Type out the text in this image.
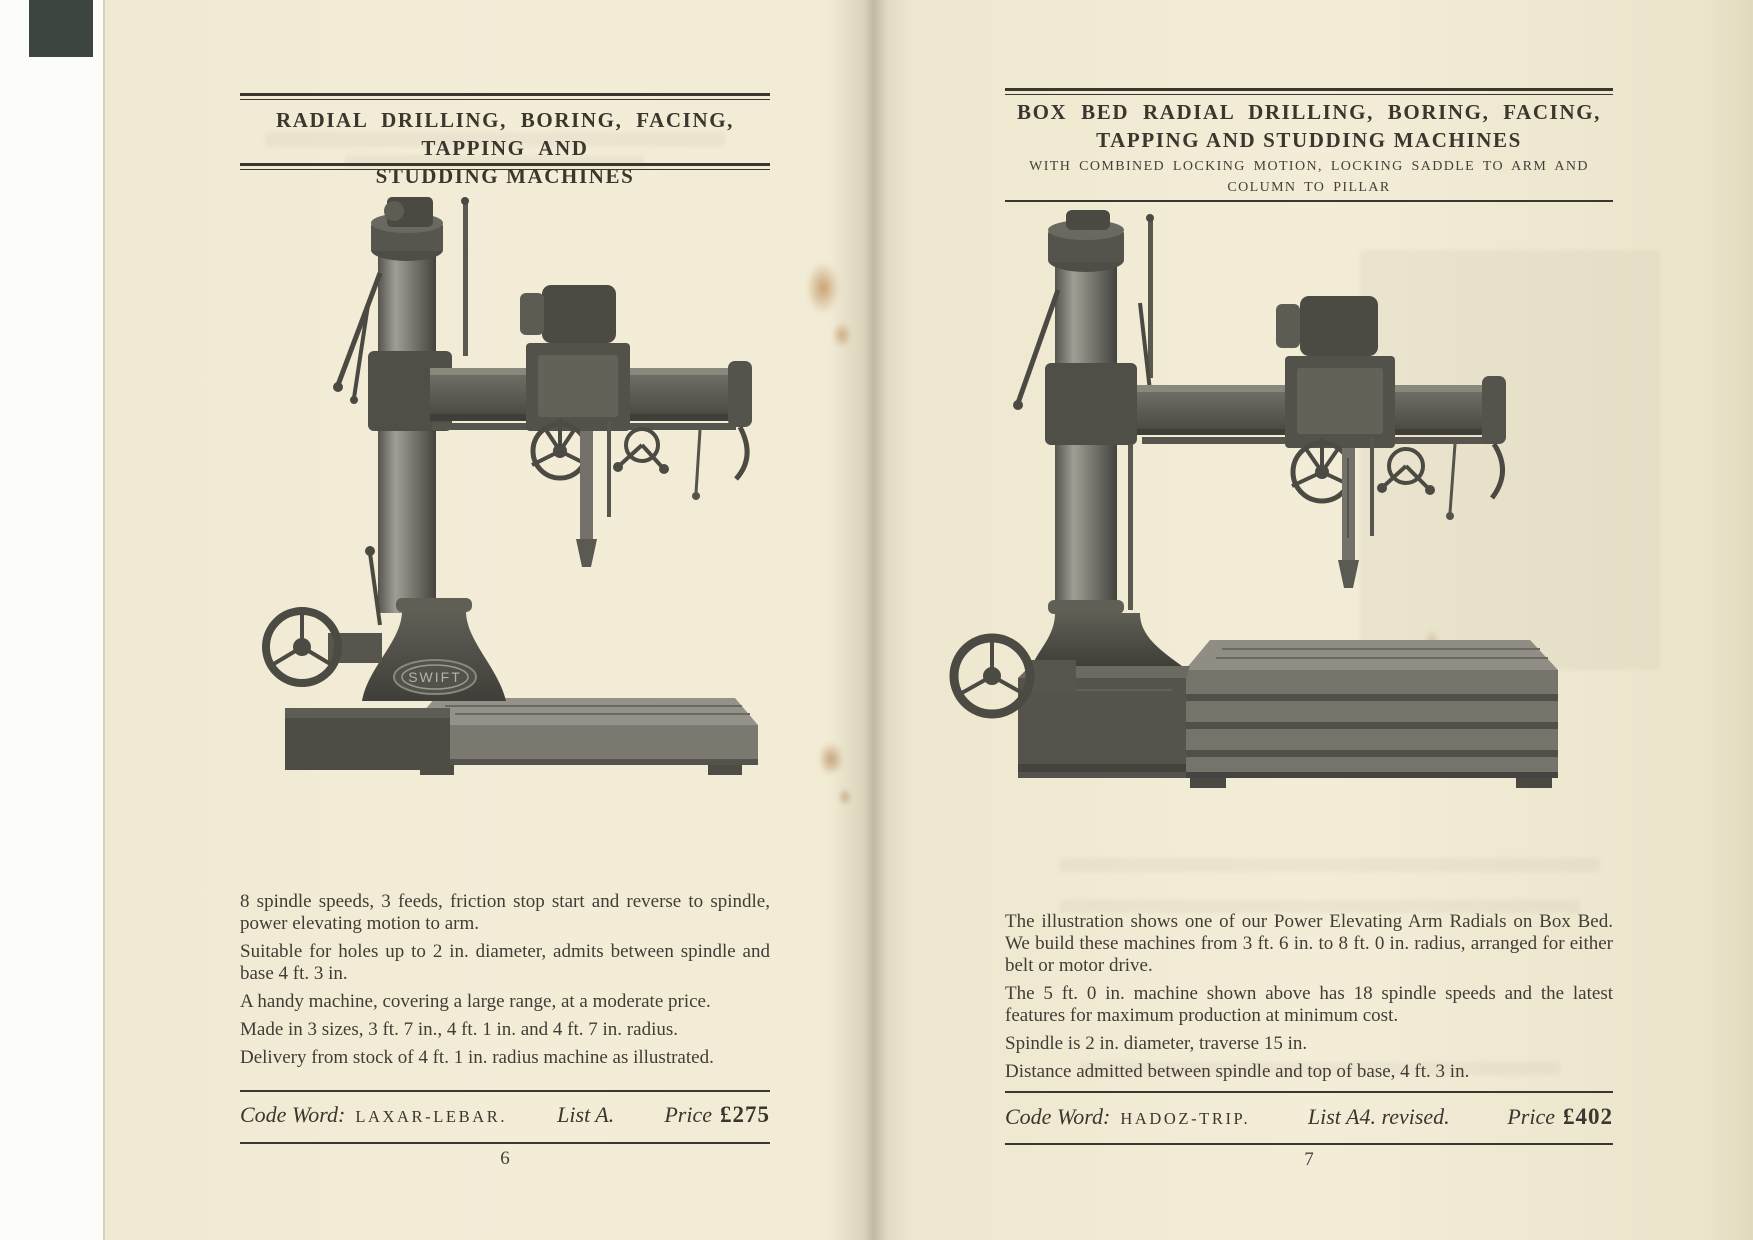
RADIAL DRILLING, BORING, FACING, TAPPING AND
STUDDING MACHINES
SWIFT

8 spindle speeds, 3 feeds, friction stop start and reverse to spindle, power elevating motion to arm.

Suitable for holes up to 2 in. diameter, admits between spindle and base 4 ft. 3 in.

A handy machine, covering a large range, at a moderate price.

Made in 3 sizes, 3 ft. 7 in., 4 ft. 1 in. and 4 ft. 7 in. radius.

Delivery from stock of 4 ft. 1 in. radius machine as illustrated.

Code Word: LAXAR-LEBAR. List A. Price £275
6
BOX BED RADIAL DRILLING, BORING, FACING,
TAPPING AND STUDDING MACHINES
WITH COMBINED LOCKING MOTION, LOCKING SADDLE TO ARM AND
COLUMN TO PILLAR

The illustration shows one of our Power Elevating Arm Radials on Box Bed. We build these machines from 3 ft. 6 in. to 8 ft. 0 in. radius, arranged for either belt or motor drive.

The 5 ft. 0 in. machine shown above has 18 spindle speeds and the latest features for maximum production at minimum cost.

Spindle is 2 in. diameter, traverse 15 in.

Distance admitted between spindle and top of base, 4 ft. 3 in.

Code Word: HADOZ-TRIP.	List A4. revised.	Price £402
7
